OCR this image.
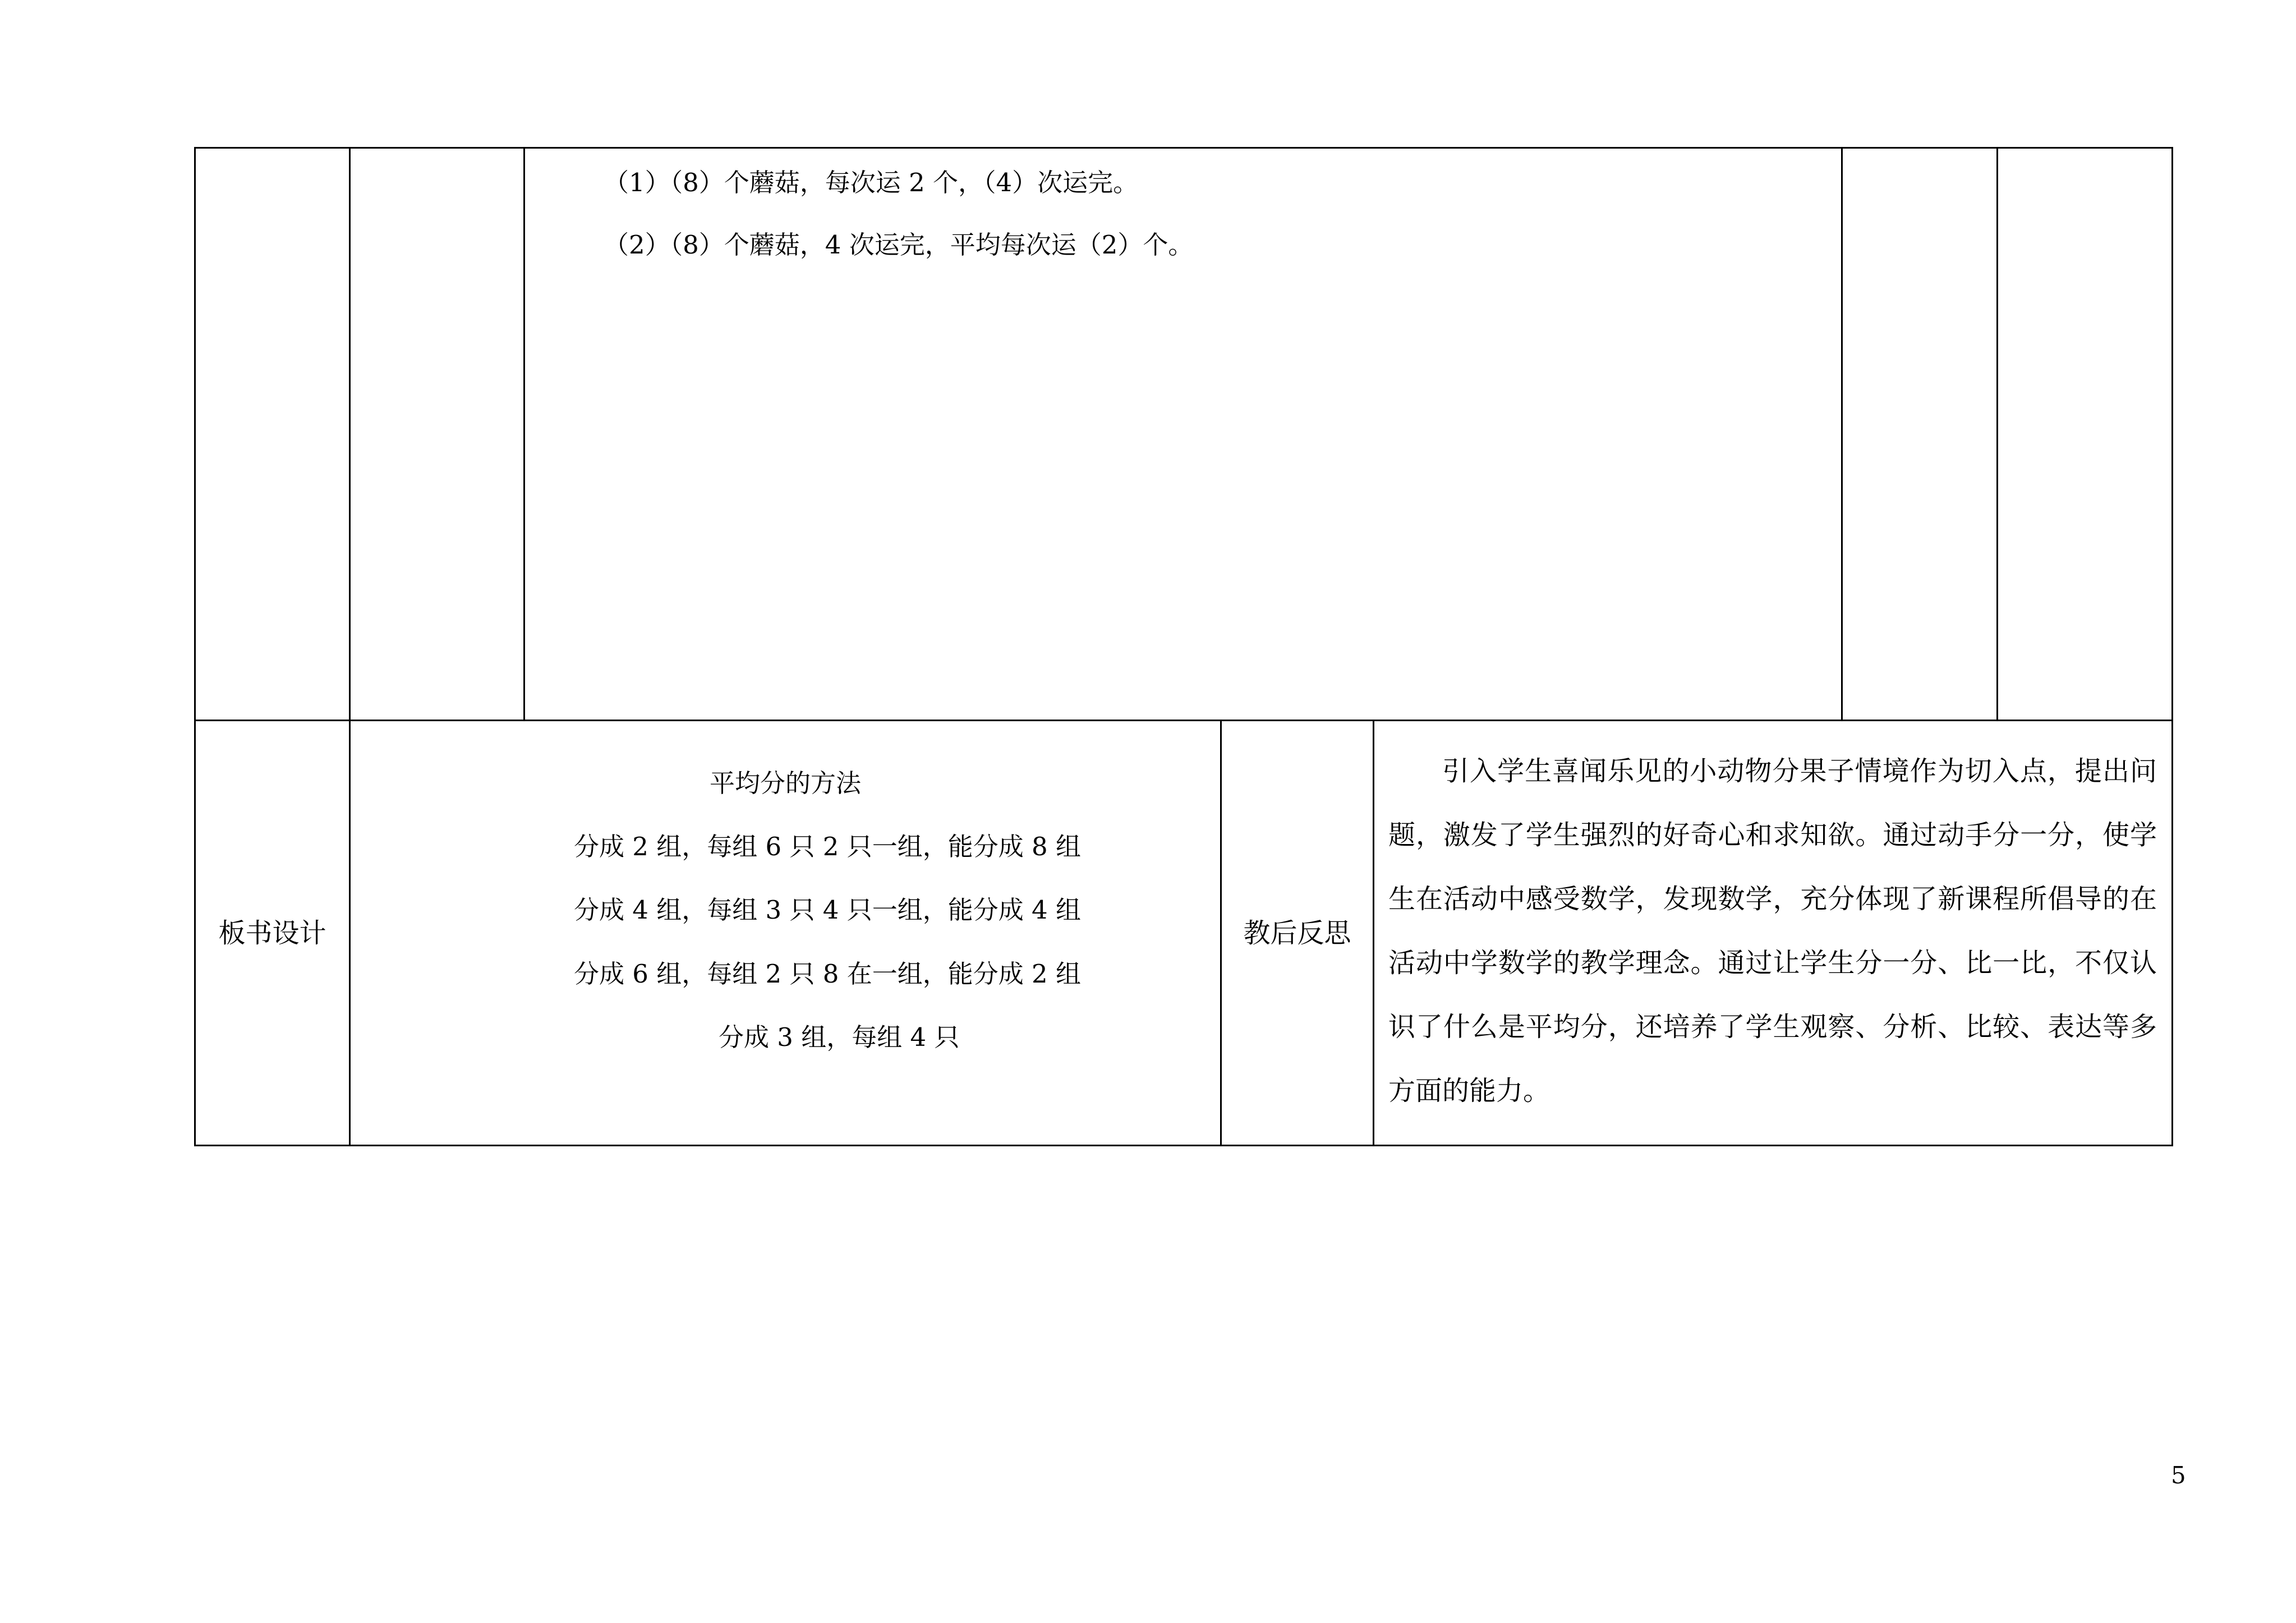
（1）（8）个蘑菇，每次运 2 个，（4）次运完。
（2）（8）个蘑菇，4 次运完，平均每次运（2）个。
板书设计
平均分的方法
分成 2 组，每组 6 只 2 只一组，能分成 8 组
分成 4 组，每组 3 只 4 只一组，能分成 4 组
分成 6 组，每组 2 只 8 在一组，能分成 2 组
分成 3 组，每组 4 只
教后反思

引入学生喜闻乐见的小动物分果子情境作为切入点，提出问题，激发了学生强烈的好奇心和求知欲。通过动手分一分，使学生在活动中感受数学，发现数学，充分体现了新课程所倡导的在活动中学数学的教学理念。通过让学生分一分、比一比，不仅认识了什么是平均分，还培养了学生观察、分析、比较、表达等多方面的能力。

5
